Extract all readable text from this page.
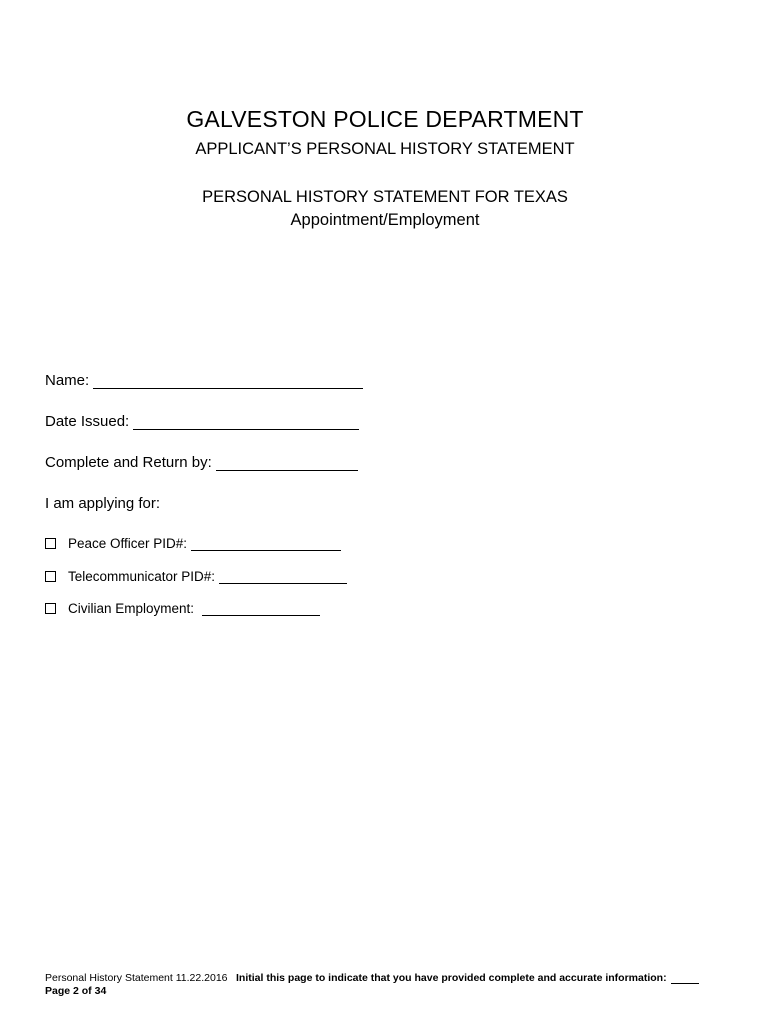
GALVESTON POLICE DEPARTMENT
APPLICANT’S PERSONAL HISTORY STATEMENT
PERSONAL HISTORY STATEMENT FOR TEXAS
Appointment/Employment
Name:
Date Issued:
Complete and Return by:
I am applying for:
Peace Officer PID#:
Telecommunicator PID#:
Civilian Employment:
Personal History Statement 11.22.2016
Page 2 of 34
Initial this page to indicate that you have provided complete and accurate information:
